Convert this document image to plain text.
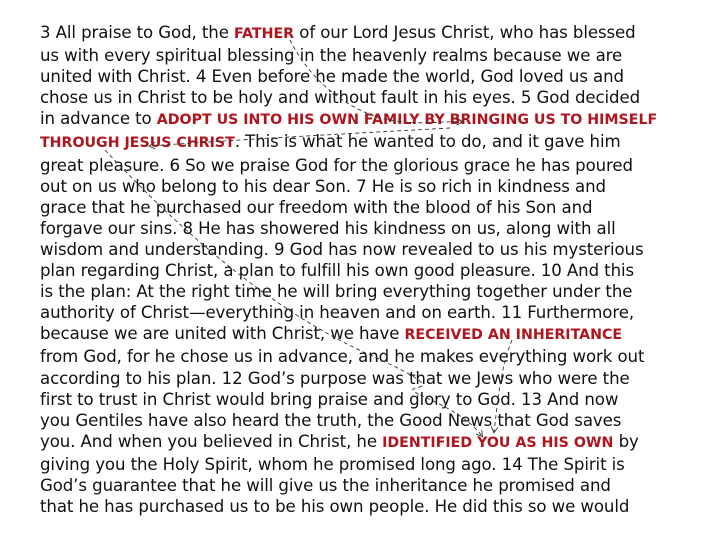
3 All praise to God, the FATHER of our Lord Jesus Christ, who has blessed
us with every spiritual blessing in the heavenly realms because we are
united with Christ. 4 Even before he made the world, God loved us and
chose us in Christ to be holy and without fault in his eyes. 5 God decided
in advance to ADOPT US INTO HIS OWN FAMILY BY BRINGING US TO HIMSELF
THROUGH JESUS CHRIST. This is what he wanted to do, and it gave him
great pleasure. 6 So we praise God for the glorious grace he has poured
out on us who belong to his dear Son. 7 He is so rich in kindness and
grace that he purchased our freedom with the blood of his Son and
forgave our sins. 8 He has showered his kindness on us, along with all
wisdom and understanding. 9 God has now revealed to us his mysterious
plan regarding Christ, a plan to fulfill his own good pleasure. 10 And this
is the plan: At the right time he will bring everything together under the
authority of Christ—everything in heaven and on earth. 11 Furthermore,
because we are united with Christ, we have RECEIVED AN INHERITANCE
from God, for he chose us in advance, and he makes everything work out
according to his plan. 12 God’s purpose was that we Jews who were the
first to trust in Christ would bring praise and glory to God. 13 And now
you Gentiles have also heard the truth, the Good News that God saves
you. And when you believed in Christ, he IDENTIFIED YOU AS HIS OWN by
giving you the Holy Spirit, whom he promised long ago. 14 The Spirit is
God’s guarantee that he will give us the inheritance he promised and
that he has purchased us to be his own people. He did this so we would
